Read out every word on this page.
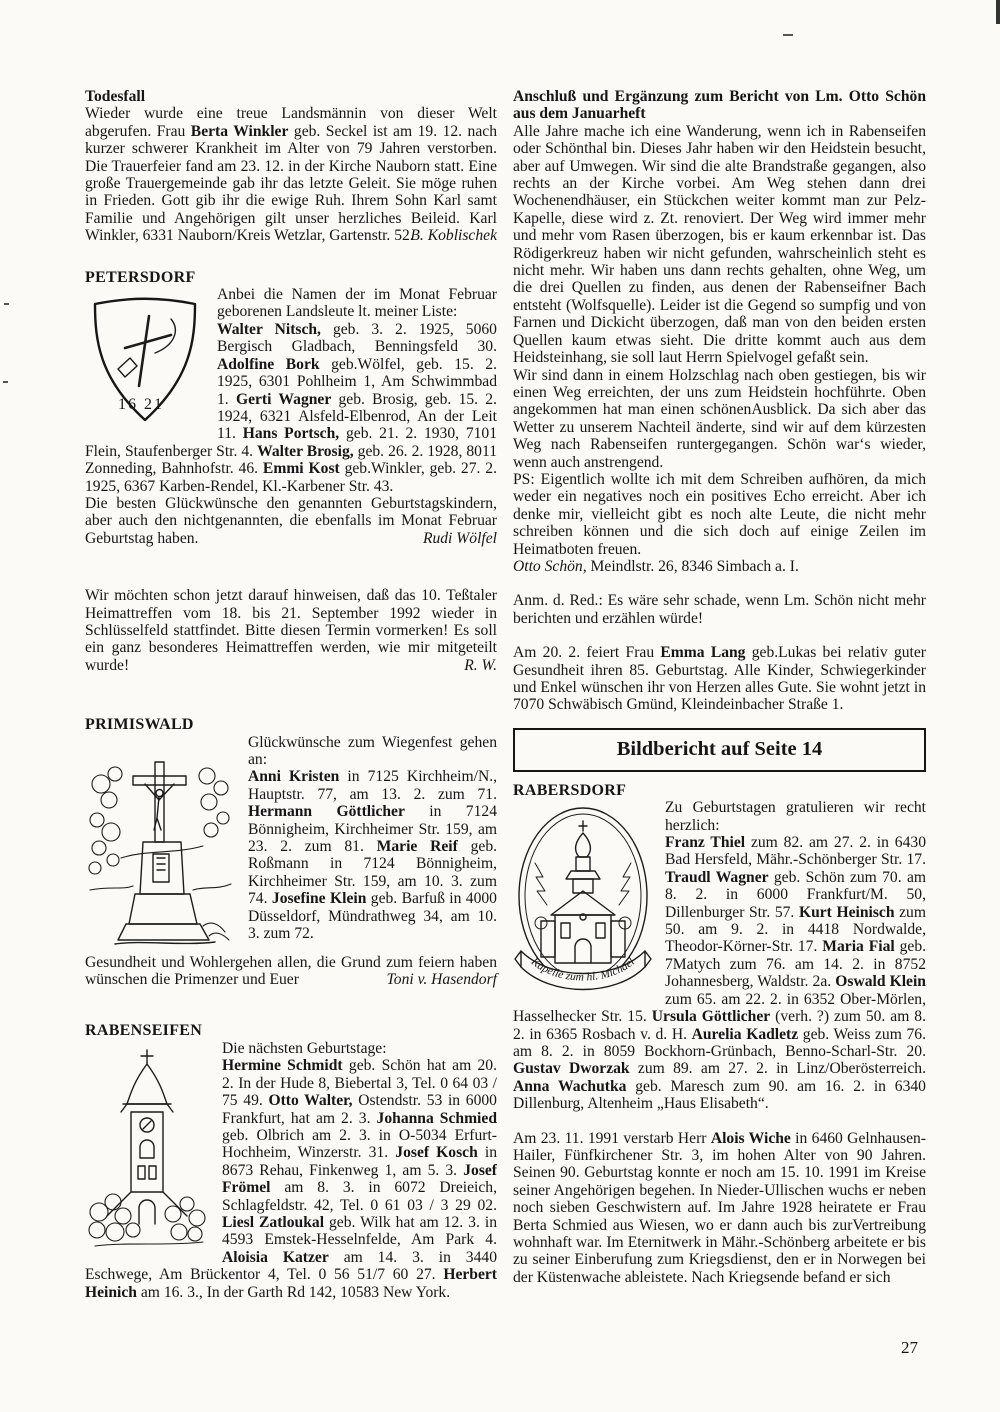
Todesfall

Wieder wurde eine treue Landsmännin von dieser Welt abgerufen. Frau Berta Winkler geb. Seckel ist am 19. 12. nach kurzer schwerer Krankheit im Alter von 79 Jahren verstorben. Die Trauerfeier fand am 23. 12. in der Kirche Nauborn statt. Eine große Trauergemeinde gab ihr das letzte Geleit. Sie möge ruhen in Frieden. Gott gib ihr die ewige Ruh. Ihrem Sohn Karl samt Familie und Angehörigen gilt unser herzliches Beileid. Karl Winkler, 6331 Nauborn/Kreis Wetzlar, Gartenstr. 52.

B. Koblischek

PETERSDORF

16 21

Anbei die Namen der im Monat Februar geborenen Landsleute lt. meiner Liste:

Walter Nitsch, geb. 3. 2. 1925, 5060 Bergisch Gladbach, Benningsfeld 30. Adolfine Bork geb.Wölfel, geb. 15. 2. 1925, 6301 Pohlheim 1, Am Schwimmbad 1. Gerti Wagner geb. Brosig, geb. 15. 2. 1924, 6321 Alsfeld-Elbenrod, An der Leit 11. Hans Portsch, geb. 21. 2. 1930, 7101 Flein, Staufenberger Str. 4. Walter Brosig, geb. 26. 2. 1928, 8011 Zonneding, Bahnhofstr. 46. Emmi Kost geb.Winkler, geb. 27. 2. 1925, 6367 Karben-Rendel, Kl.-Karbener Str. 43.

Die besten Glückwünsche den genannten Geburtstagskindern, aber auch den nichtgenannten, die ebenfalls im Monat Februar Geburtstag haben.	Rudi Wölfel

Wir möchten schon jetzt darauf hinweisen, daß das 10. Teßtaler Heimattreffen vom 18. bis 21. September 1992 wieder in Schlüsselfeld stattfindet. Bitte diesen Termin vormerken! Es soll ein ganz besonderes Heimattreffen werden, wie mir mitgeteilt wurde!	R. W.

PRIMISWALD

Glückwünsche zum Wiegenfest gehen an:

Anni Kristen in 7125 Kirchheim/N., Hauptstr. 77, am 13. 2. zum 71. Hermann Göttlicher in 7124 Bönnigheim, Kirchheimer Str. 159, am 23. 2. zum 81. Marie Reif geb. Roßmann in 7124 Bönnigheim, Kirchheimer Str. 159, am 10. 3. zum 74. Josefine Klein geb. Barfuß in 4000 Düsseldorf, Mündrathweg 34, am 10. 3. zum 72.

Gesundheit und Wohlergehen allen, die Grund zum feiern haben wünschen die Primenzer und Euer	Toni v. Hasendorf

RABENSEIFEN

Die nächsten Geburtstage:

Hermine Schmidt geb. Schön hat am 20. 2. In der Hude 8, Biebertal 3, Tel. 0 64 03 / 75 49. Otto Walter, Ostendstr. 53 in 6000 Frankfurt, hat am 2. 3. Johanna Schmied geb. Olbrich am 2. 3. in O-5034 Erfurt-Hochheim, Winzerstr. 31. Josef Kosch in 8673 Rehau, Finkenweg 1, am 5. 3. Josef Frömel am 8. 3. in 6072 Dreieich, Schlagfeldstr. 42, Tel. 0 61 03 / 3 29 02. Liesl Zatloukal geb. Wilk hat am 12. 3. in 4593 Emstek-Hesselnfelde, Am Park 4. Aloisia Katzer am 14. 3. in 3440 Eschwege, Am Brückentor 4, Tel. 0 56 51/7 60 27. Herbert Heinich am 16. 3., In der Garth Rd 142, 10583 New York.

Anschluß und Ergänzung zum Bericht von Lm. Otto Schön aus dem Januarheft

Alle Jahre mache ich eine Wanderung, wenn ich in Rabenseifen oder Schönthal bin. Dieses Jahr haben wir den Heidstein besucht, aber auf Umwegen. Wir sind die alte Brandstraße gegangen, also rechts an der Kirche vorbei. Am Weg stehen dann drei Wochenendhäuser, ein Stückchen weiter kommt man zur Pelz-Kapelle, diese wird z. Zt. renoviert. Der Weg wird immer mehr und mehr vom Rasen überzogen, bis er kaum erkennbar ist. Das Rödigerkreuz haben wir nicht gefunden, wahrscheinlich steht es nicht mehr. Wir haben uns dann rechts gehalten, ohne Weg, um die drei Quellen zu finden, aus denen der Rabenseifner Bach entsteht (Wolfsquelle). Leider ist die Gegend so sumpfig und von Farnen und Dickicht überzogen, daß man von den beiden ersten Quellen kaum etwas sieht. Die dritte kommt auch aus dem Heidsteinhang, sie soll laut Herrn Spielvogel gefaßt sein.

Wir sind dann in einem Holzschlag nach oben gestiegen, bis wir einen Weg erreichten, der uns zum Heidstein hochführte. Oben angekommen hat man einen schönenAusblick. Da sich aber das Wetter zu unserem Nachteil änderte, sind wir auf dem kürzesten Weg nach Rabenseifen runtergegangen. Schön war‘s wieder, wenn auch anstrengend.

PS: Eigentlich wollte ich mit dem Schreiben aufhören, da mich weder ein negatives noch ein positives Echo erreicht. Aber ich denke mir, vielleicht gibt es noch alte Leute, die nicht mehr schreiben können und die sich doch auf einige Zeilen im Heimatboten freuen.

Otto Schön, Meindlstr. 26, 8346 Simbach a. I.

Anm. d. Red.: Es wäre sehr schade, wenn Lm. Schön nicht mehr berichten und erzählen würde!

Am 20. 2. feiert Frau Emma Lang geb.Lukas bei relativ guter Gesundheit ihren 85. Geburtstag. Alle Kinder, Schwiegerkinder und Enkel wünschen ihr von Herzen alles Gute. Sie wohnt jetzt in 7070 Schwäbisch Gmünd, Kleindeinbacher Straße 1.

Bildbericht auf Seite 14

RABERSDORF

Kapelle zum hl. Michael

Zu Geburtstagen gratulieren wir recht herzlich:

Franz Thiel zum 82. am 27. 2. in 6430 Bad Hersfeld, Mähr.-Schönberger Str. 17. Traudl Wagner geb. Schön zum 70. am 8. 2. in 6000 Frankfurt/M. 50, Dillenburger Str. 57. Kurt Heinisch zum 50. am 9. 2. in 4418 Nordwalde, Theodor-Körner-Str. 17. Maria Fial geb. 7Matych zum 76. am 14. 2. in 8752 Johannesberg, Waldstr. 2a. Oswald Klein zum 65. am 22. 2. in 6352 Ober-Mörlen, Hasselhecker Str. 15. Ursula Göttlicher (verh. ?) zum 50. am 8. 2. in 6365 Rosbach v. d. H. Aurelia Kadletz geb. Weiss zum 76. am 8. 2. in 8059 Bockhorn-Grünbach, Benno-Scharl-Str. 20. Gustav Dworzak zum 89. am 27. 2. in Linz/Oberösterreich. Anna Wachutka geb. Maresch zum 90. am 16. 2. in 6340 Dillenburg, Altenheim „Haus Elisabeth“.

Am 23. 11. 1991 verstarb Herr Alois Wiche in 6460 Gelnhausen-Hailer, Fünfkirchener Str. 3, im hohen Alter von 90 Jahren. Seinen 90. Geburtstag konnte er noch am 15. 10. 1991 im Kreise seiner Angehörigen begehen. In Nieder-Ullischen wuchs er neben noch sieben Geschwistern auf. Im Jahre 1928 heiratete er Frau Berta Schmied aus Wiesen, wo er dann auch bis zurVertreibung wohnhaft war. Im Eternitwerk in Mähr.-Schönberg arbeitete er bis zu seiner Einberufung zum Kriegsdienst, den er in Norwegen bei der Küstenwache ableistete. Nach Kriegsende befand er sich

27
